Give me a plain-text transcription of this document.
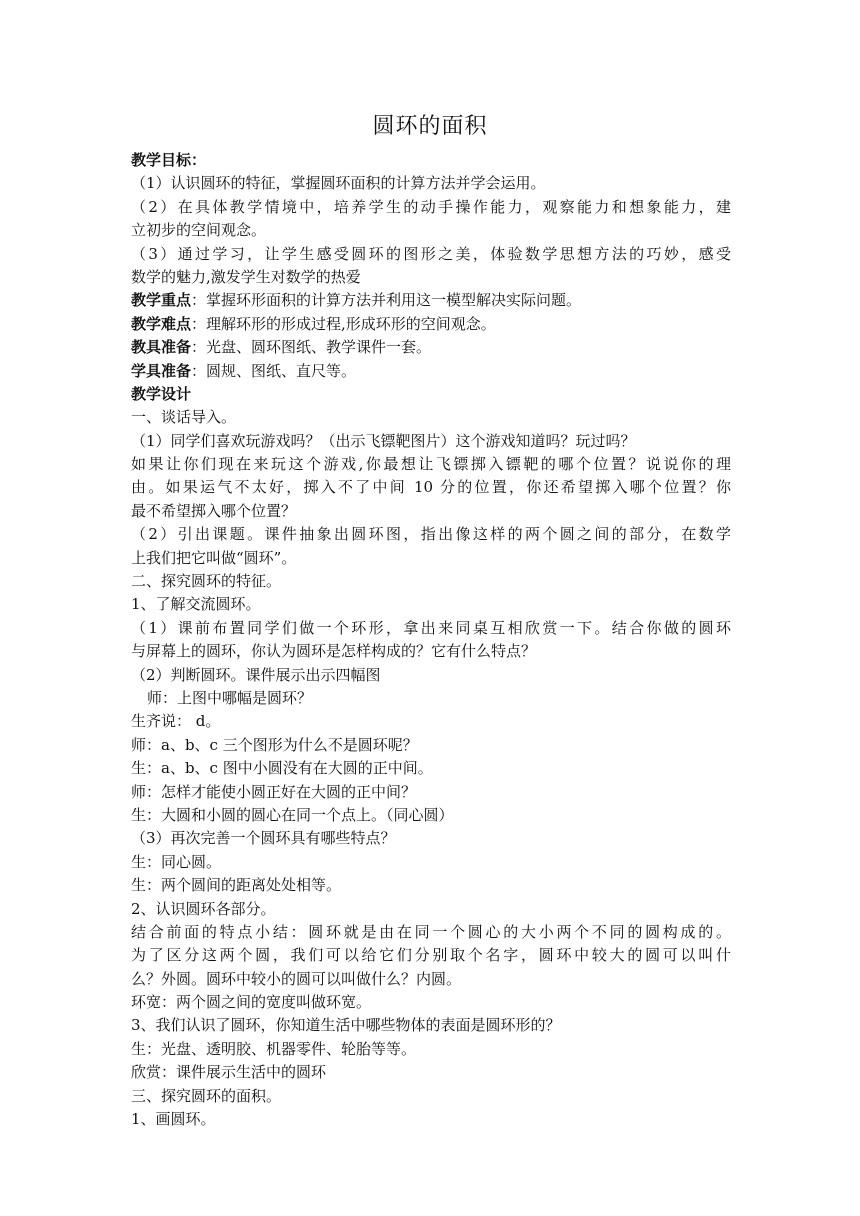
圆环的面积
教学目标：
（1）认识圆环的特征，掌握圆环面积的计算方法并学会运用。
（2）在具体教学情境中，培养学生的动手操作能力，观察能力和想象能力，建
立初步的空间观念。
（3）通过学习，让学生感受圆环的图形之美，体验数学思想方法的巧妙，感受
数学的魅力,激发学生对数学的热爱
教学重点：掌握环形面积的计算方法并利用这一模型解决实际问题。
教学难点：理解环形的形成过程,形成环形的空间观念。
教具准备：光盘、圆环图纸、教学课件一套。
学具准备：圆规、图纸、直尺等。
教学设计
一、谈话导入。
（1）同学们喜欢玩游戏吗？（出示飞镖靶图片）这个游戏知道吗？玩过吗？
如果让你们现在来玩这个游戏,你最想让飞镖掷入镖靶的哪个位置？说说你的理
由。如果运气不太好，掷入不了中间 10 分的位置，你还希望掷入哪个位置？你
最不希望掷入哪个位置？
（2）引出课题。课件抽象出圆环图，指出像这样的两个圆之间的部分，在数学
上我们把它叫做“圆环”。
二、探究圆环的特征。
1、了解交流圆环。
（1）课前布置同学们做一个环形，拿出来同桌互相欣赏一下。结合你做的圆环
与屏幕上的圆环，你认为圆环是怎样构成的？它有什么特点？
（2）判断圆环。课件展示出示四幅图
师：上图中哪幅是圆环？
生齐说： d。
师：a、b、c 三个图形为什么不是圆环呢？
生：a、b、c 图中小圆没有在大圆的正中间。
师：怎样才能使小圆正好在大圆的正中间？
生：大圆和小圆的圆心在同一个点上。（同心圆）
（3）再次完善一个圆环具有哪些特点？
生：同心圆。
生：两个圆间的距离处处相等。
2、认识圆环各部分。
结合前面的特点小结：圆环就是由在同一个圆心的大小两个不同的圆构成的。
为了区分这两个圆，我们可以给它们分别取个名字，圆环中较大的圆可以叫什
么？外圆。圆环中较小的圆可以叫做什么？内圆。
环宽：两个圆之间的宽度叫做环宽。
3、我们认识了圆环，你知道生活中哪些物体的表面是圆环形的？
生：光盘、透明胶、机器零件、轮胎等等。
欣赏：课件展示生活中的圆环
三、探究圆环的面积。
1、画圆环。
